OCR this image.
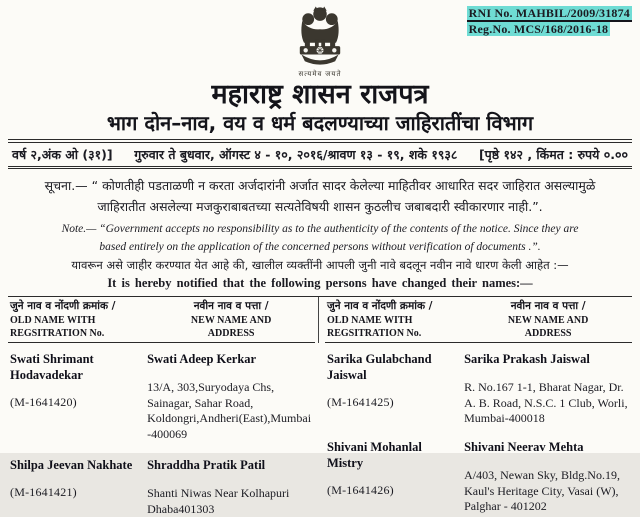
RNI No. MAHBIL/2009/31874
Reg.No. MCS/168/2016-18
सत्यमेव जयते
महाराष्ट्र शासन राजपत्र
भाग दोन–नाव, वय व धर्म बदलण्याच्या जाहिरातींचा विभाग
वर्ष २,अंक ओ (३१)] गुरुवार ते बुधवार, ऑगस्ट ४ - १०, २०१६/श्रावण १३ - १९, शके १९३८ [पृष्ठे १४२ , किंमत : रुपये ०.००
सूचना.— “ कोणतीही पडताळणी न करता अर्जदारांनी अर्जात सादर केलेल्या माहितीवर आधारित सदर जाहिरात असल्यामुळे जाहिरातीत असलेल्या मजकुराबाबतच्या सत्यतेविषयी शासन कुठलीच जबाबदारी स्वीकारणार नाही.”.
Note.— “Government accepts no responsibility as to the authenticity of the contents of the notice. Since they are based entirely on the application of the concerned persons without verification of documents .”.
यावरून असे जाहीर करण्यात येत आहे की, खालील व्यक्तींनी आपली जुनी नावे बदलून नवीन नावे धारण केली आहेत :—
It is hereby notified that the following persons have changed their names:—
जुने नाव व नोंदणी क्रमांक /
OLD NAME WITH
REGSITRATION No.
नवीन नाव व पत्ता /
NEW NAME AND
ADDRESS
Swati Shrimant Hodavadekar
(M-1641420)
Swati Adeep Kerkar
13/A, 303,Suryodaya Chs, Sainagar, Sahar Road, Koldongri,Andheri(East),Mumbai -400069
Shilpa Jeevan Nakhate
(M-1641421)
Shraddha Pratik Patil
Shanti Niwas Near Kolhapuri Dhaba401303
जुने नाव व नोंदणी क्रमांक /
OLD NAME WITH
REGSITRATION No.
नवीन नाव व पत्ता /
NEW NAME AND
ADDRESS
Sarika Gulabchand Jaiswal
(M-1641425)
Sarika Prakash Jaiswal
R. No.167 1-1, Bharat Nagar, Dr. A. B. Road, N.S.C. 1 Club, Worli, Mumbai-400018
Shivani Mohanlal Mistry
(M-1641426)
Shivani Neerav Mehta
A/403, Newan Sky, Bldg.No.19, Kaul's Heritage City, Vasai (W), Palghar - 401202
